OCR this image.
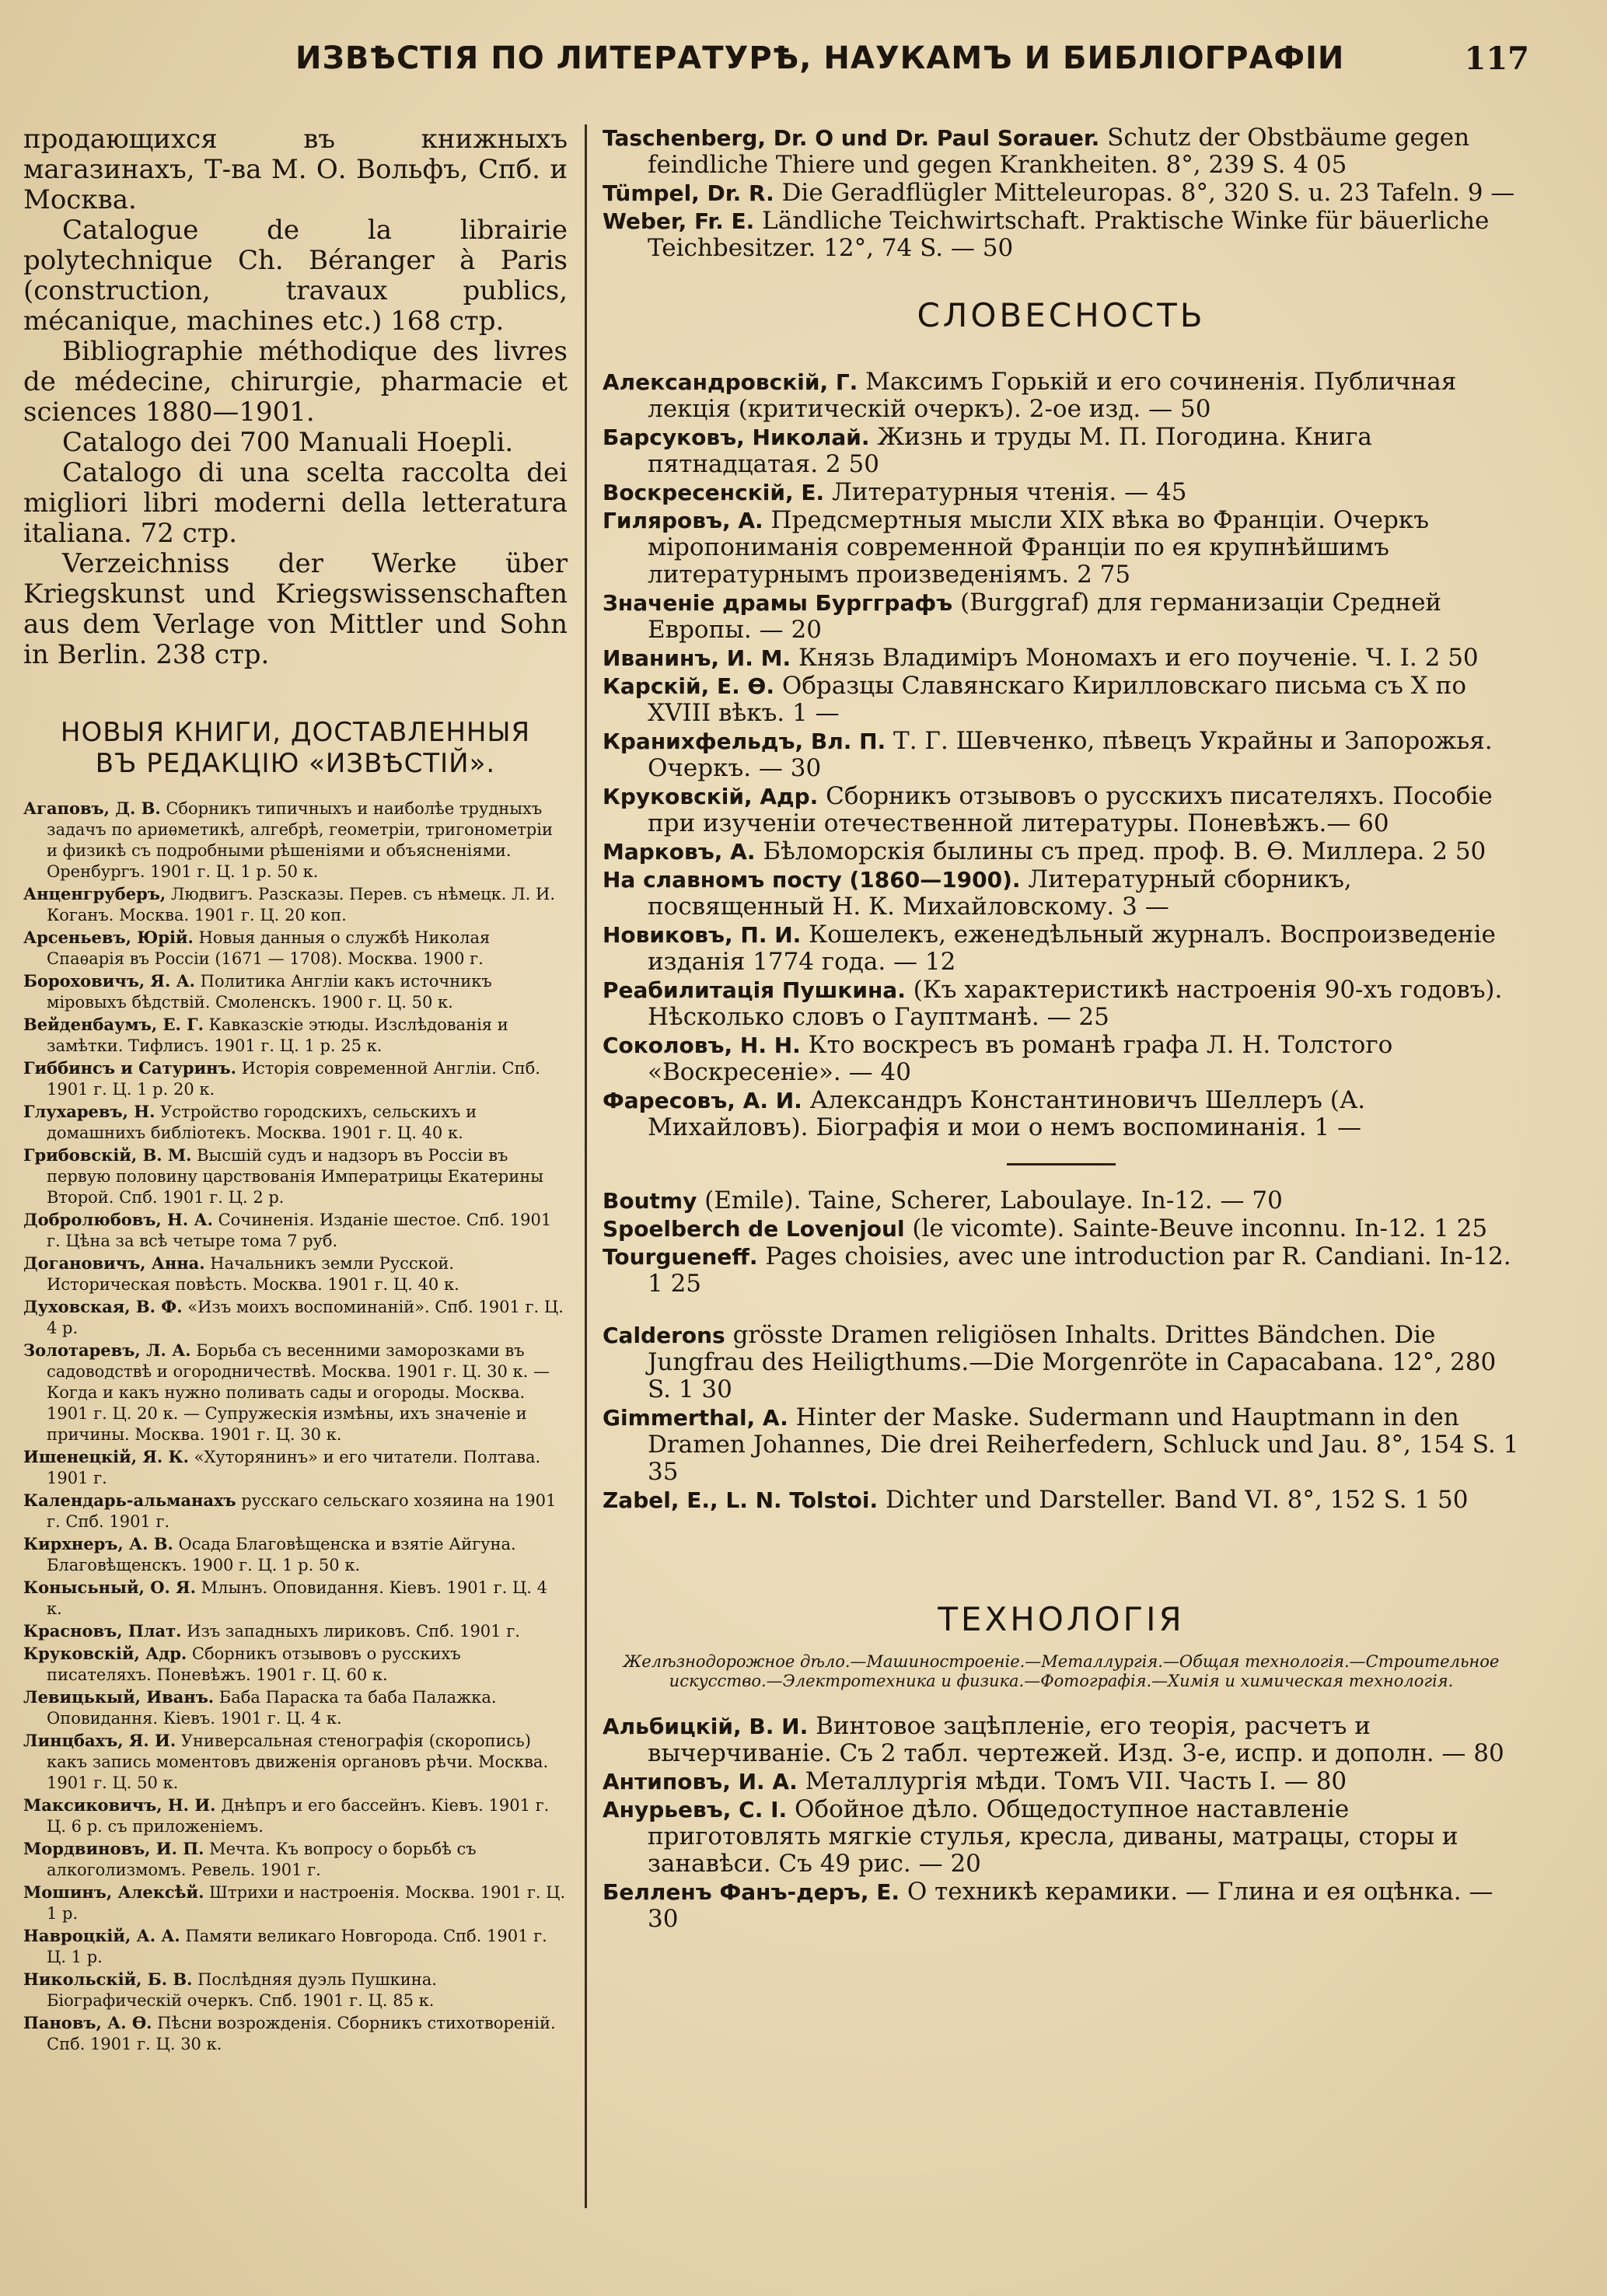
ИЗВѢСТІЯ ПО ЛИТЕРАТУРѢ, НАУКАМЪ И БИБЛІОГРАФІИ	117

продающихся въ книжныхъ магазинахъ, Т-ва М. О. Вольфъ, Спб. и Москва.

Catalogue de la librairie polytechnique Ch. Béranger à Paris (construction, travaux publics, mécanique, machines etc.) 168 стр.

Bibliographie méthodique des livres de médecine, chirurgie, pharmacie et sciences 1880—1901.

Catalogo dei 700 Manuali Hoepli.

Catalogo di una scelta raccolta dei migliori libri moderni della letteratura italiana. 72 стр.

Verzeichniss der Werke über Kriegskunst und Kriegswissenschaften aus dem Verlage von Mittler und Sohn in Berlin. 238 стр.

НОВЫЯ КНИГИ, ДОСТАВЛЕННЫЯ
ВЪ РЕДАКЦІЮ «ИЗВѢСТІЙ».

Агаповъ, Д. В. Сборникъ типичныхъ и наиболѣе трудныхъ задачъ по ариѳметикѣ, алгебрѣ, геометріи, тригонометріи и физикѣ съ подробными рѣшеніями и объясненіями. Оренбургъ. 1901 г. Ц. 1 р. 50 к.

Анценгруберъ, Людвигъ. Разсказы. Перев. съ нѣмецк. Л. И. Коганъ. Москва. 1901 г. Ц. 20 коп.

Арсеньевъ, Юрій. Новыя данныя о службѣ Николая Спаѳарія въ Россіи (1671 — 1708). Москва. 1900 г.

Бороховичъ, Я. А. Политика Англіи какъ источникъ міровыхъ бѣдствій. Смоленскъ. 1900 г. Ц. 50 к.

Вейденбаумъ, Е. Г. Кавказскіе этюды. Изслѣдованія и замѣтки. Тифлисъ. 1901 г. Ц. 1 р. 25 к.

Гиббинсъ и Сатуринъ. Исторія современной Англіи. Спб. 1901 г. Ц. 1 р. 20 к.

Глухаревъ, Н. Устройство городскихъ, сельскихъ и домашнихъ библіотекъ. Москва. 1901 г. Ц. 40 к.

Грибовскій, В. М. Высшій судъ и надзоръ въ Россіи въ первую половину царствованія Императрицы Екатерины Второй. Спб. 1901 г. Ц. 2 р.

Добролюбовъ, Н. А. Сочиненія. Изданіе шестое. Спб. 1901 г. Цѣна за всѣ четыре тома 7 руб.

Догановичъ, Анна. Начальникъ земли Русской. Историческая повѣсть. Москва. 1901 г. Ц. 40 к.

Духовская, В. Ф. «Изъ моихъ воспоминаній». Спб. 1901 г. Ц. 4 р.

Золотаревъ, Л. А. Борьба съ весенними заморозками въ садоводствѣ и огородничествѣ. Москва. 1901 г. Ц. 30 к. — Когда и какъ нужно поливать сады и огороды. Москва. 1901 г. Ц. 20 к. — Супружескія измѣны, ихъ значеніе и причины. Москва. 1901 г. Ц. 30 к.

Ишенецкій, Я. К. «Хуторянинъ» и его читатели. Полтава. 1901 г.

Календарь-альманахъ русскаго сельскаго хозяина на 1901 г. Спб. 1901 г.

Кирхнеръ, А. В. Осада Благовѣщенска и взятіе Айгуна. Благовѣщенскъ. 1900 г. Ц. 1 р. 50 к.

Конысьный, О. Я. Млынъ. Оповидання. Кіевъ. 1901 г. Ц. 4 к.

Красновъ, Плат. Изъ западныхъ лириковъ. Спб. 1901 г.

Круковскій, Адр. Сборникъ отзывовъ о русскихъ писателяхъ. Поневѣжъ. 1901 г. Ц. 60 к.

Левицькый, Иванъ. Баба Параска та баба Палажка. Оповидання. Кіевъ. 1901 г. Ц. 4 к.

Линцбахъ, Я. И. Универсальная стенографія (скоропись) какъ запись моментовъ движенія органовъ рѣчи. Москва. 1901 г. Ц. 50 к.

Максиковичъ, Н. И. Днѣпръ и его бассейнъ. Кіевъ. 1901 г. Ц. 6 р. съ приложеніемъ.

Мордвиновъ, И. П. Мечта. Къ вопросу о борьбѣ съ алкоголизмомъ. Ревель. 1901 г.

Мошинъ, Алексѣй. Штрихи и настроенія. Москва. 1901 г. Ц. 1 р.

Навроцкій, А. А. Памяти великаго Новгорода. Спб. 1901 г. Ц. 1 р.

Никольскій, Б. В. Послѣдняя дуэль Пушкина. Біографическій очеркъ. Спб. 1901 г. Ц. 85 к.

Пановъ, А. Ө. Пѣсни возрожденія. Сборникъ стихотвореній. Спб. 1901 г. Ц. 30 к.

Taschenberg, Dr. O und Dr. Paul Sorauer. Schutz der Obstbäume gegen feindliche Thiere und gegen Krankheiten. 8°, 239 S. 4 05

Tümpel, Dr. R. Die Geradflügler Mitteleuropas. 8°, 320 S. u. 23 Tafeln. 9 —

Weber, Fr. E. Ländliche Teichwirtschaft. Praktische Winke für bäuerliche Teichbesitzer. 12°, 74 S. — 50

СЛОВЕСНОСТЬ

Александровскій, Г. Максимъ Горькій и его сочиненія. Публичная лекція (критическій очеркъ). 2-ое изд. — 50

Барсуковъ, Николай. Жизнь и труды М. П. Погодина. Книга пятнадцатая. 2 50

Воскресенскій, Е. Литературныя чтенія. — 45

Гиляровъ, А. Предсмертныя мысли XIX вѣка во Франціи. Очеркъ міропониманія современной Франціи по ея крупнѣйшимъ литературнымъ произведеніямъ. 2 75

Значеніе драмы Бургграфъ (Burggraf) для германизаціи Средней Европы. — 20

Иванинъ, И. М. Князь Владиміръ Мономахъ и его поученіе. Ч. I. 2 50

Карскій, Е. Ө. Образцы Славянскаго Кирилловскаго письма съ X по XVIII вѣкъ. 1 —

Кранихфельдъ, Вл. П. Т. Г. Шевченко, пѣвецъ Украйны и Запорожья. Очеркъ. — 30

Круковскій, Адр. Сборникъ отзывовъ о русскихъ писателяхъ. Пособіе при изученіи отечественной литературы. Поневѣжъ.— 60

Марковъ, А. Бѣломорскія былины съ пред. проф. В. Ө. Миллера. 2 50

На славномъ посту (1860—1900). Литературный сборникъ, посвященный Н. К. Михайловскому. 3 —

Новиковъ, П. И. Кошелекъ, еженедѣльный журналъ. Воспроизведеніе изданія 1774 года. — 12

Реабилитація Пушкина. (Къ характеристикѣ настроенія 90-хъ годовъ). Нѣсколько словъ о Гауптманѣ. — 25

Соколовъ, Н. Н. Кто воскресъ въ романѣ графа Л. Н. Толстого «Воскресеніе». — 40

Фаресовъ, А. И. Александръ Константиновичъ Шеллеръ (А. Михайловъ). Біографія и мои о немъ воспоминанія. 1 —

Boutmy (Emile). Taine, Scherer, Laboulaye. In-12. — 70

Spoelberch de Lovenjoul (le vicomte). Sainte-Beuve inconnu. In-12. 1 25

Tourgueneff. Pages choisies, avec une introduction par R. Candiani. In-12. 1 25

Calderons grösste Dramen religiösen Inhalts. Drittes Bändchen. Die Jungfrau des Heiligthums.—Die Morgenröte in Capacabana. 12°, 280 S. 1 30

Gimmerthal, A. Hinter der Maske. Sudermann und Hauptmann in den Dramen Johannes, Die drei Reiherfedern, Schluck und Jau. 8°, 154 S. 1 35

Zabel, E., L. N. Tolstoi. Dichter und Darsteller. Band VI. 8°, 152 S. 1 50

ТЕХНОЛОГІЯ
Желѣзнодорожное дѣло.—Машиностроеніе.—Металлургія.—Общая технологія.—Строительное искусство.—Электротехника и физика.—Фотографія.—Химія и химическая технологія.

Альбицкій, В. И. Винтовое зацѣпленіе, его теорія, расчетъ и вычерчиваніе. Съ 2 табл. чертежей. Изд. 3-е, испр. и дополн. — 80

Антиповъ, И. А. Металлургія мѣди. Томъ VII. Часть I. — 80

Анурьевъ, С. І. Обойное дѣло. Общедоступное наставленіе приготовлять мягкіе стулья, кресла, диваны, матрацы, сторы и занавѣси. Съ 49 рис. — 20

Белленъ Фанъ-деръ, Е. О техникѣ керамики. — Глина и ея оцѣнка. — 30
